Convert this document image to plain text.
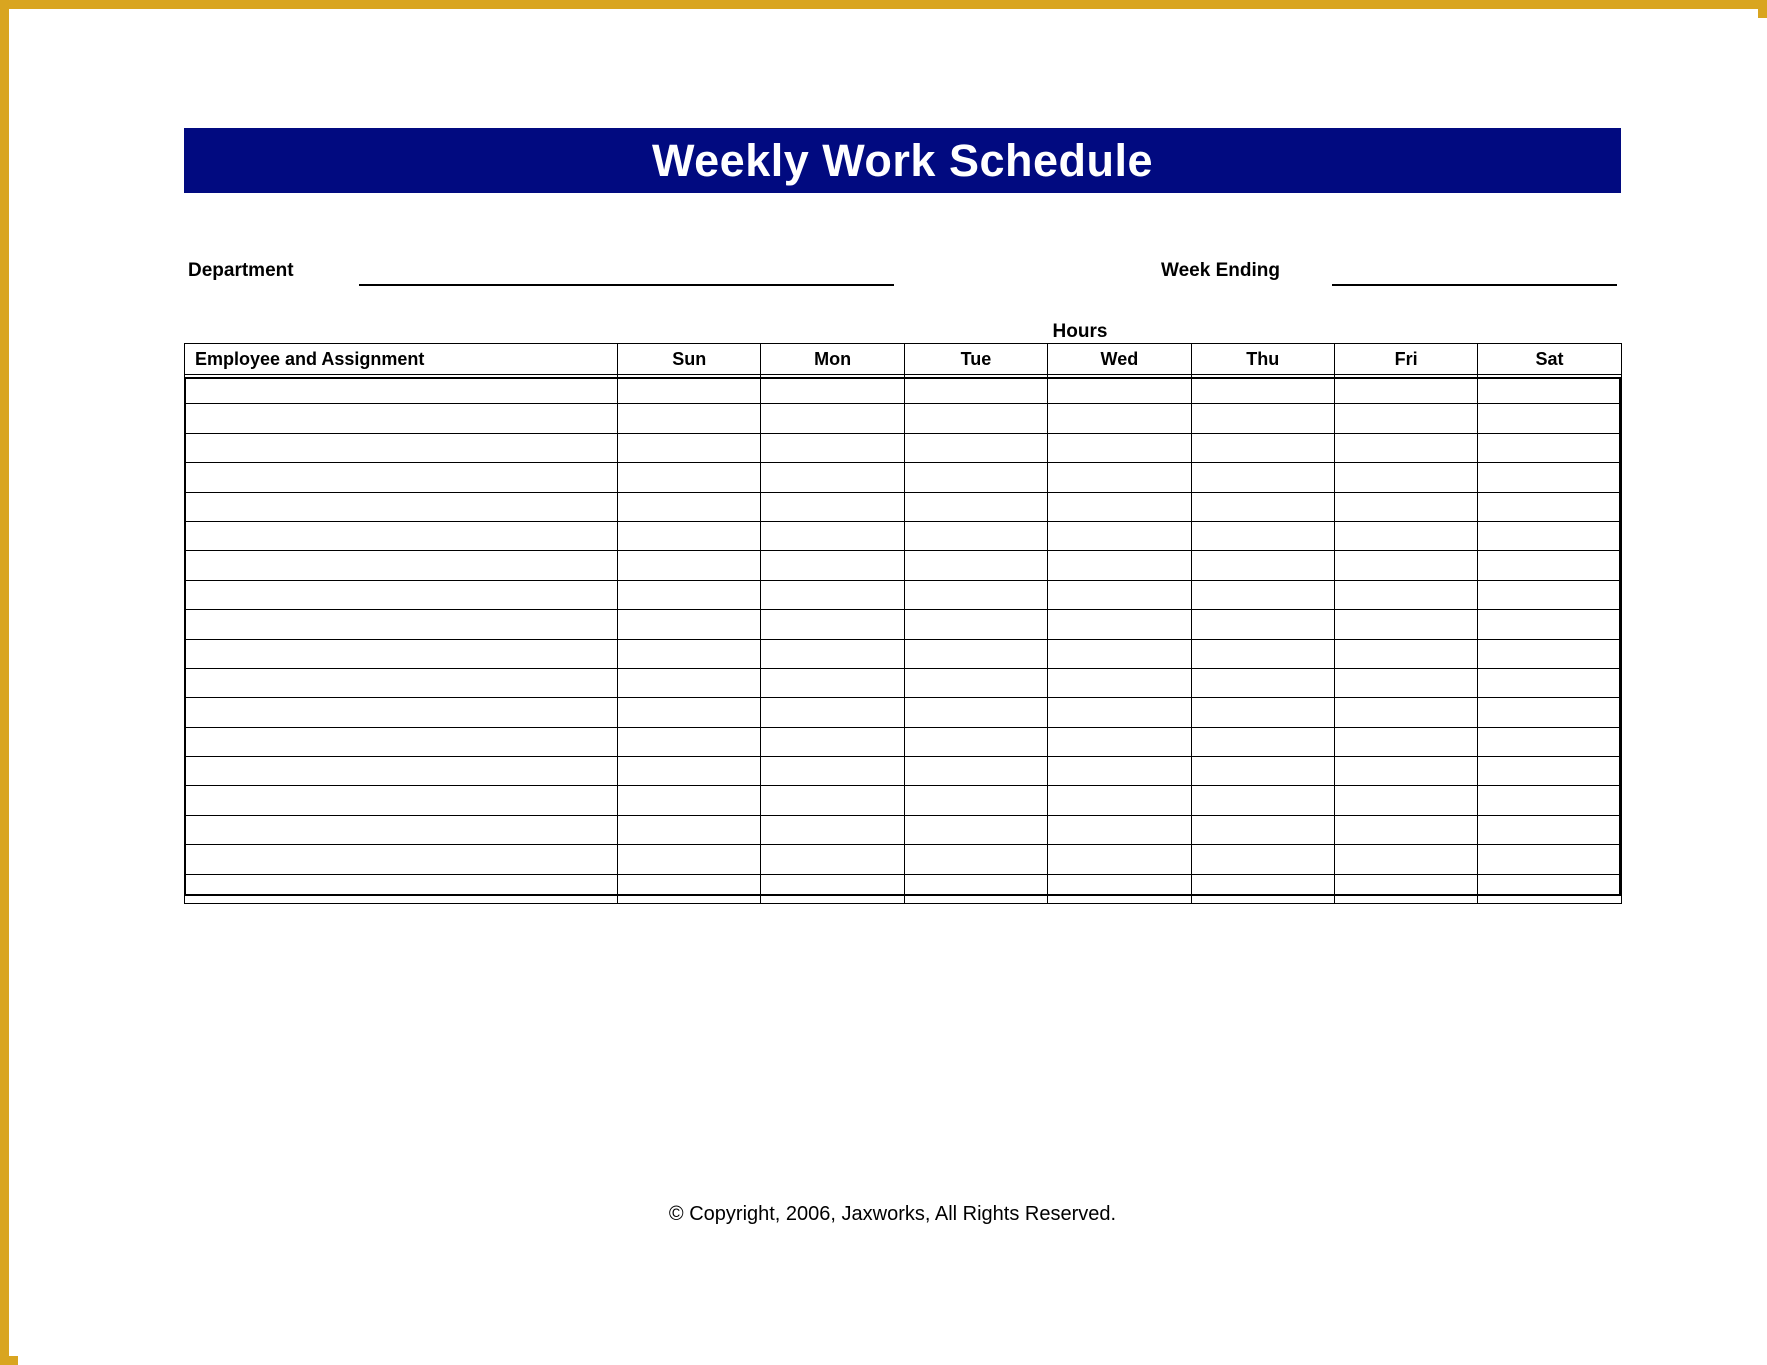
Weekly Work Schedule
Department	Week Ending
Hours
Employee and Assignment	Sun	Mon	Tue	Wed	Thu	Fri	Sat

© Copyright, 2006, Jaxworks, All Rights Reserved.
